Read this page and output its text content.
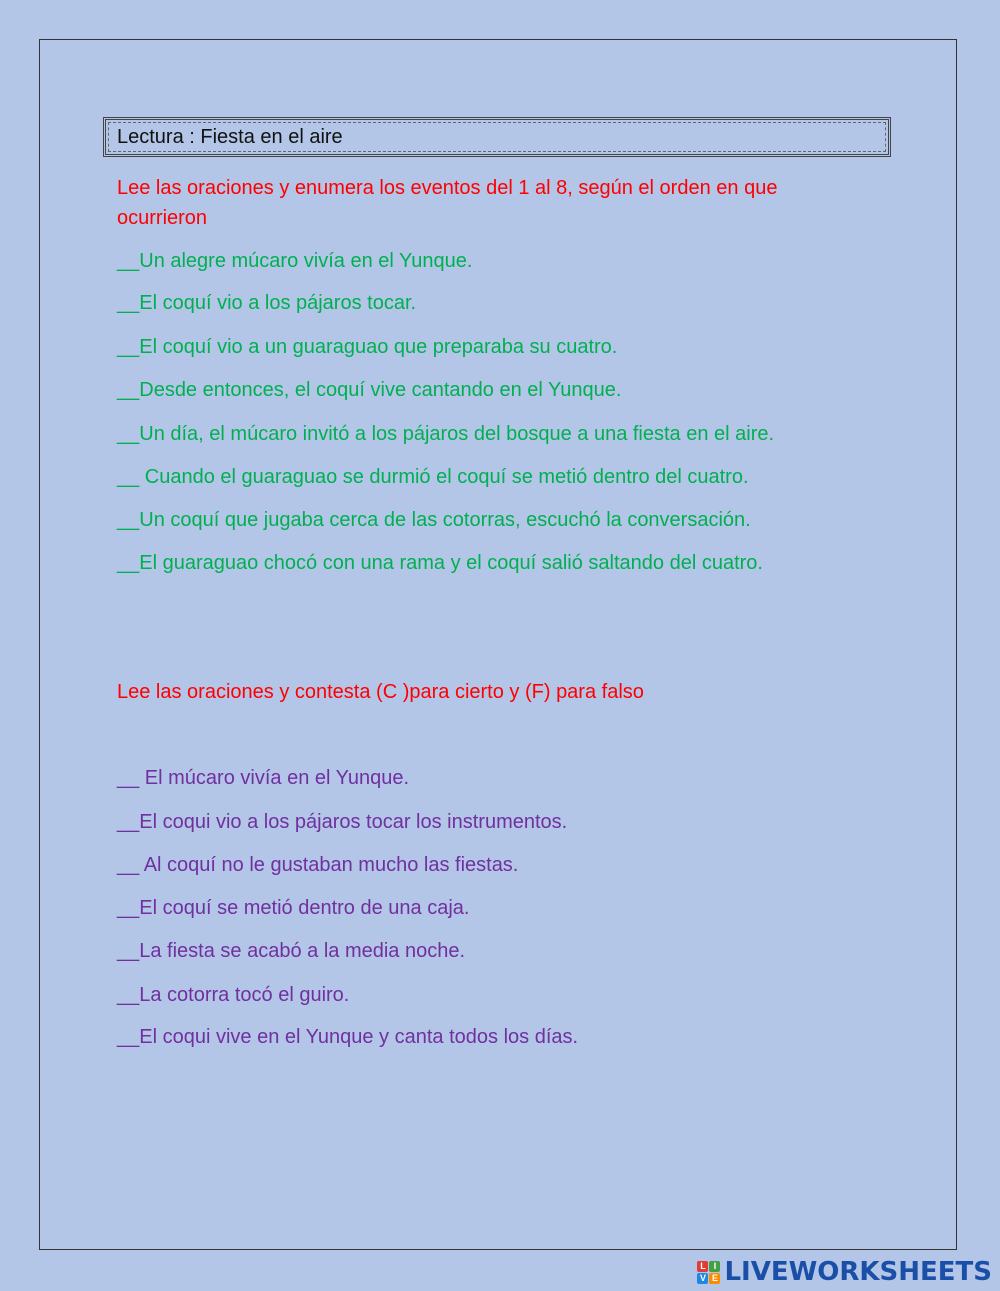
Lectura : Fiesta en el aire
Lee las oraciones y enumera los eventos del 1 al 8, según el orden en que ocurrieron
__Un alegre múcaro vivía en el Yunque.
__El coquí vio a los pájaros tocar.
__El coquí vio a un guaraguao que preparaba su cuatro.
__Desde entonces, el coquí vive cantando en el Yunque.
__Un día, el múcaro invitó a los pájaros del bosque a una fiesta en el aire.
__ Cuando el guaraguao se durmió el coquí se metió dentro del cuatro.
__Un coquí que jugaba cerca de las cotorras, escuchó la conversación.
__El guaraguao chocó con una rama y el coquí salió saltando del cuatro.
Lee las oraciones y contesta (C )para cierto y (F) para falso
__ El múcaro vivía en el Yunque.
__El coqui vio a los pájaros tocar los instrumentos.
__ Al coquí no le gustaban mucho las fiestas.
__El coquí se metió dentro de una caja.
__La fiesta se acabó a la media noche.
__La cotorra tocó el guiro.
__El coqui vive en el Yunque y canta todos los días.
L I
V E LIVEWORKSHEETS
